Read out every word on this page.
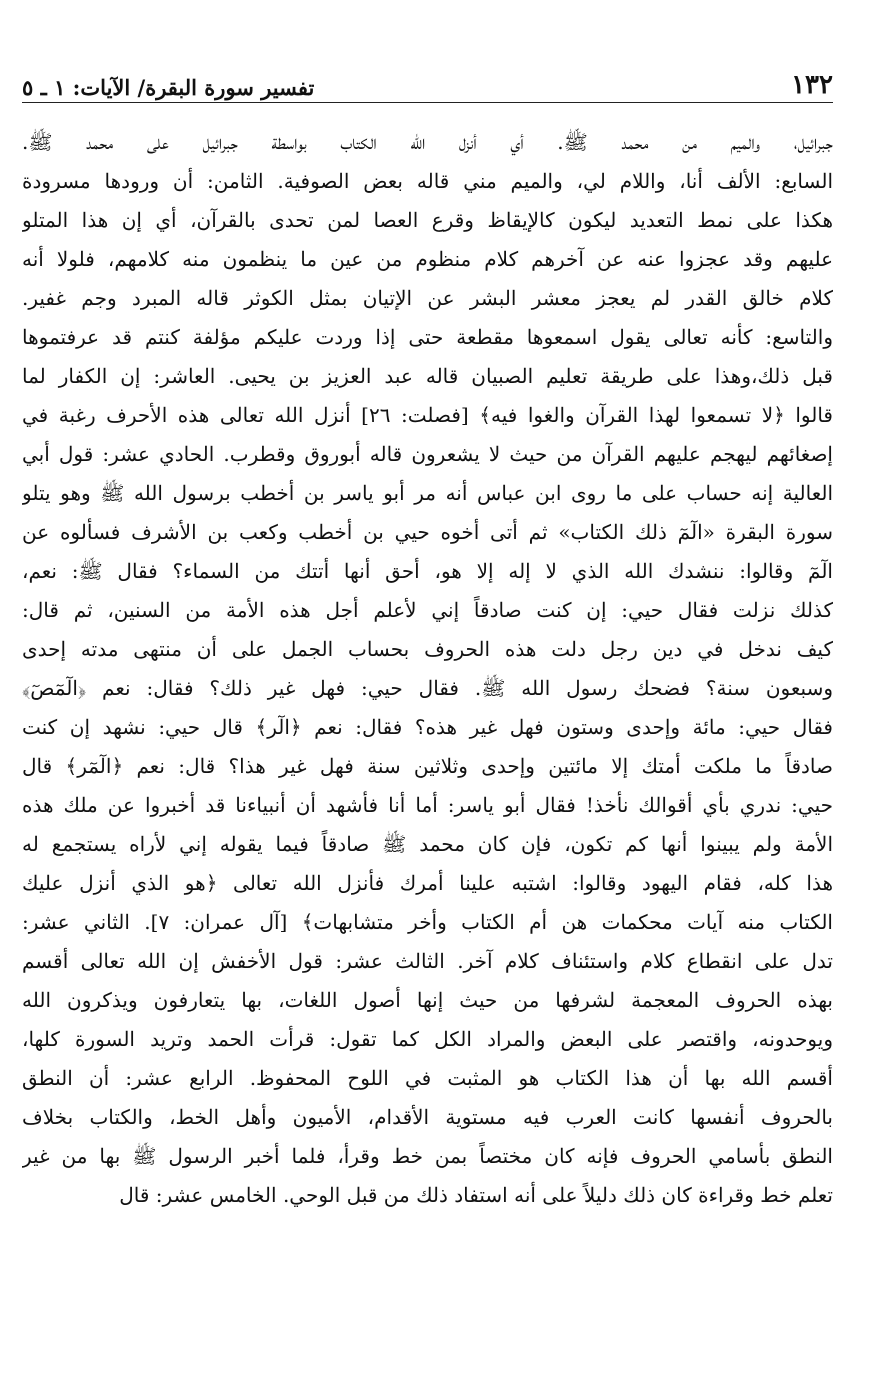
١٣٢
تفسير سورة البقرة/ الآيات: ١ ـ ٥
جبرائيل، والميم من محمد ﷺ. أي أنزل الله الكتاب بواسطة جبرائيل على محمد ﷺ.
السابع: الألف أنا، واللام لي، والميم مني قاله بعض الصوفية. الثامن: أن ورودها مسرودة
هكذا على نمط التعديد ليكون كالإيقاظ وقرع العصا لمن تحدى بالقرآن، أي إن هذا المتلو
عليهم وقد عجزوا عنه عن آخرهم كلام منظوم من عين ما ينظمون منه كلامهم، فلولا أنه
كلام خالق القدر لم يعجز معشر البشر عن الإتيان بمثل الكوثر قاله المبرد وجم غفير.
والتاسع: كأنه تعالى يقول اسمعوها مقطعة حتى إذا وردت عليكم مؤلفة كنتم قد عرفتموها
قبل ذلك،وهذا على طريقة تعليم الصبيان قاله عبد العزيز بن يحيى. العاشر: إن الكفار لما
قالوا ﴿لا تسمعوا لهذا القرآن والغوا فيه﴾ [فصلت: ٢٦] أنزل الله تعالى هذه الأحرف رغبة في
إصغائهم ليهجم عليهم القرآن من حيث لا يشعرون قاله أبوروق وقطرب. الحادي عشر: قول أبي
العالية إنه حساب على ما روى ابن عباس أنه مر أبو ياسر بن أخطب برسول الله ﷺ وهو يتلو
سورة البقرة «الٓمٓ ذلك الكتاب» ثم أتى أخوه حيي بن أخطب وكعب بن الأشرف فسألوه عن
الٓمٓ وقالوا: ننشدك الله الذي لا إله إلا هو، أحق أنها أتتك من السماء؟ فقال ﷺ: نعم،
كذلك نزلت فقال حيي: إن كنت صادقاً إني لأعلم أجل هذه الأمة من السنين، ثم قال:
كيف ندخل في دين رجل دلت هذه الحروف بحساب الجمل على أن منتهى مدته إحدى
وسبعون سنة؟ فضحك رسول الله ﷺ. فقال حيي: فهل غير ذلك؟ فقال: نعم ﴿الٓمٓصٓ﴾
فقال حيي: مائة وإحدى وستون فهل غير هذه؟ فقال: نعم ﴿الٓر﴾ قال حيي: نشهد إن كنت
صادقاً ما ملكت أمتك إلا مائتين وإحدى وثلاثين سنة فهل غير هذا؟ قال: نعم ﴿الٓمٓر﴾ قال
حيي: ندري بأي أقوالك نأخذ! فقال أبو ياسر: أما أنا فأشهد أن أنبياءنا قد أخبروا عن ملك هذه
الأمة ولم يبينوا أنها كم تكون، فإن كان محمد ﷺ صادقاً فيما يقوله إني لأراه يستجمع له
هذا كله، فقام اليهود وقالوا: اشتبه علينا أمرك فأنزل الله تعالى ﴿هو الذي أنزل عليك
الكتاب منه آيات محكمات هن أم الكتاب وأخر متشابهات﴾ [آل عمران: ٧]. الثاني عشر:
تدل على انقطاع كلام واستئناف كلام آخر. الثالث عشر: قول الأخفش إن الله تعالى أقسم
بهذه الحروف المعجمة لشرفها من حيث إنها أصول اللغات، بها يتعارفون ويذكرون الله
ويوحدونه، واقتصر على البعض والمراد الكل كما تقول: قرأت الحمد وتريد السورة كلها،
أقسم الله بها أن هذا الكتاب هو المثبت في اللوح المحفوظ. الرابع عشر: أن النطق
بالحروف أنفسها كانت العرب فيه مستوية الأقدام، الأميون وأهل الخط، والكتاب بخلاف
النطق بأسامي الحروف فإنه كان مختصاً بمن خط وقرأ، فلما أخبر الرسول ﷺ بها من غير
تعلم خط وقراءة كان ذلك دليلاً على أنه استفاد ذلك من قبل الوحي. الخامس عشر: قال
